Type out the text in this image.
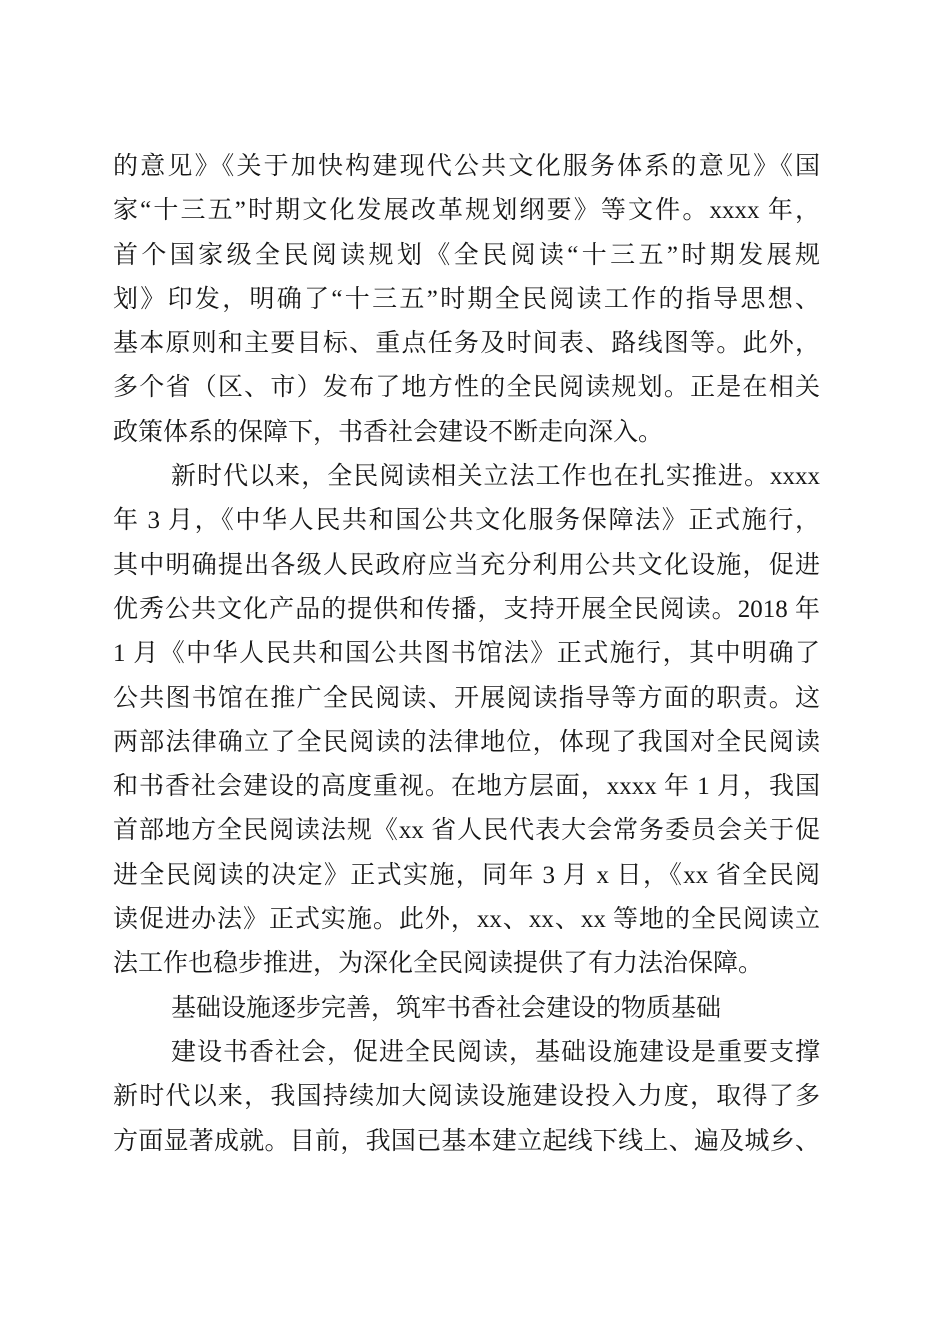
的意见》《关于加快构建现代公共文化服务体系的意见》《国
家“十三五”时期文化发展改革规划纲要》等文件。xxxx 年，
首个国家级全民阅读规划《全民阅读“十三五”时期发展规
划》印发，明确了“十三五”时期全民阅读工作的指导思想、
基本原则和主要目标、重点任务及时间表、路线图等。此外，
多个省（区、市）发布了地方性的全民阅读规划。正是在相关
政策体系的保障下，书香社会建设不断走向深入。
新时代以来，全民阅读相关立法工作也在扎实推进。xxxx
年 3 月，《中华人民共和国公共文化服务保障法》正式施行，
其中明确提出各级人民政府应当充分利用公共文化设施，促进
优秀公共文化产品的提供和传播，支持开展全民阅读。2018 年
1 月《中华人民共和国公共图书馆法》正式施行，其中明确了
公共图书馆在推广全民阅读、开展阅读指导等方面的职责。这
两部法律确立了全民阅读的法律地位，体现了我国对全民阅读
和书香社会建设的高度重视。在地方层面，xxxx 年 1 月，我国
首部地方全民阅读法规《xx 省人民代表大会常务委员会关于促
进全民阅读的决定》正式实施，同年 3 月 x 日，《xx 省全民阅
读促进办法》正式实施。此外，xx、xx、xx 等地的全民阅读立
法工作也稳步推进，为深化全民阅读提供了有力法治保障。
基础设施逐步完善，筑牢书香社会建设的物质基础
建设书香社会，促进全民阅读，基础设施建设是重要支撑
新时代以来，我国持续加大阅读设施建设投入力度，取得了多
方面显著成就。目前，我国已基本建立起线下线上、遍及城乡、
